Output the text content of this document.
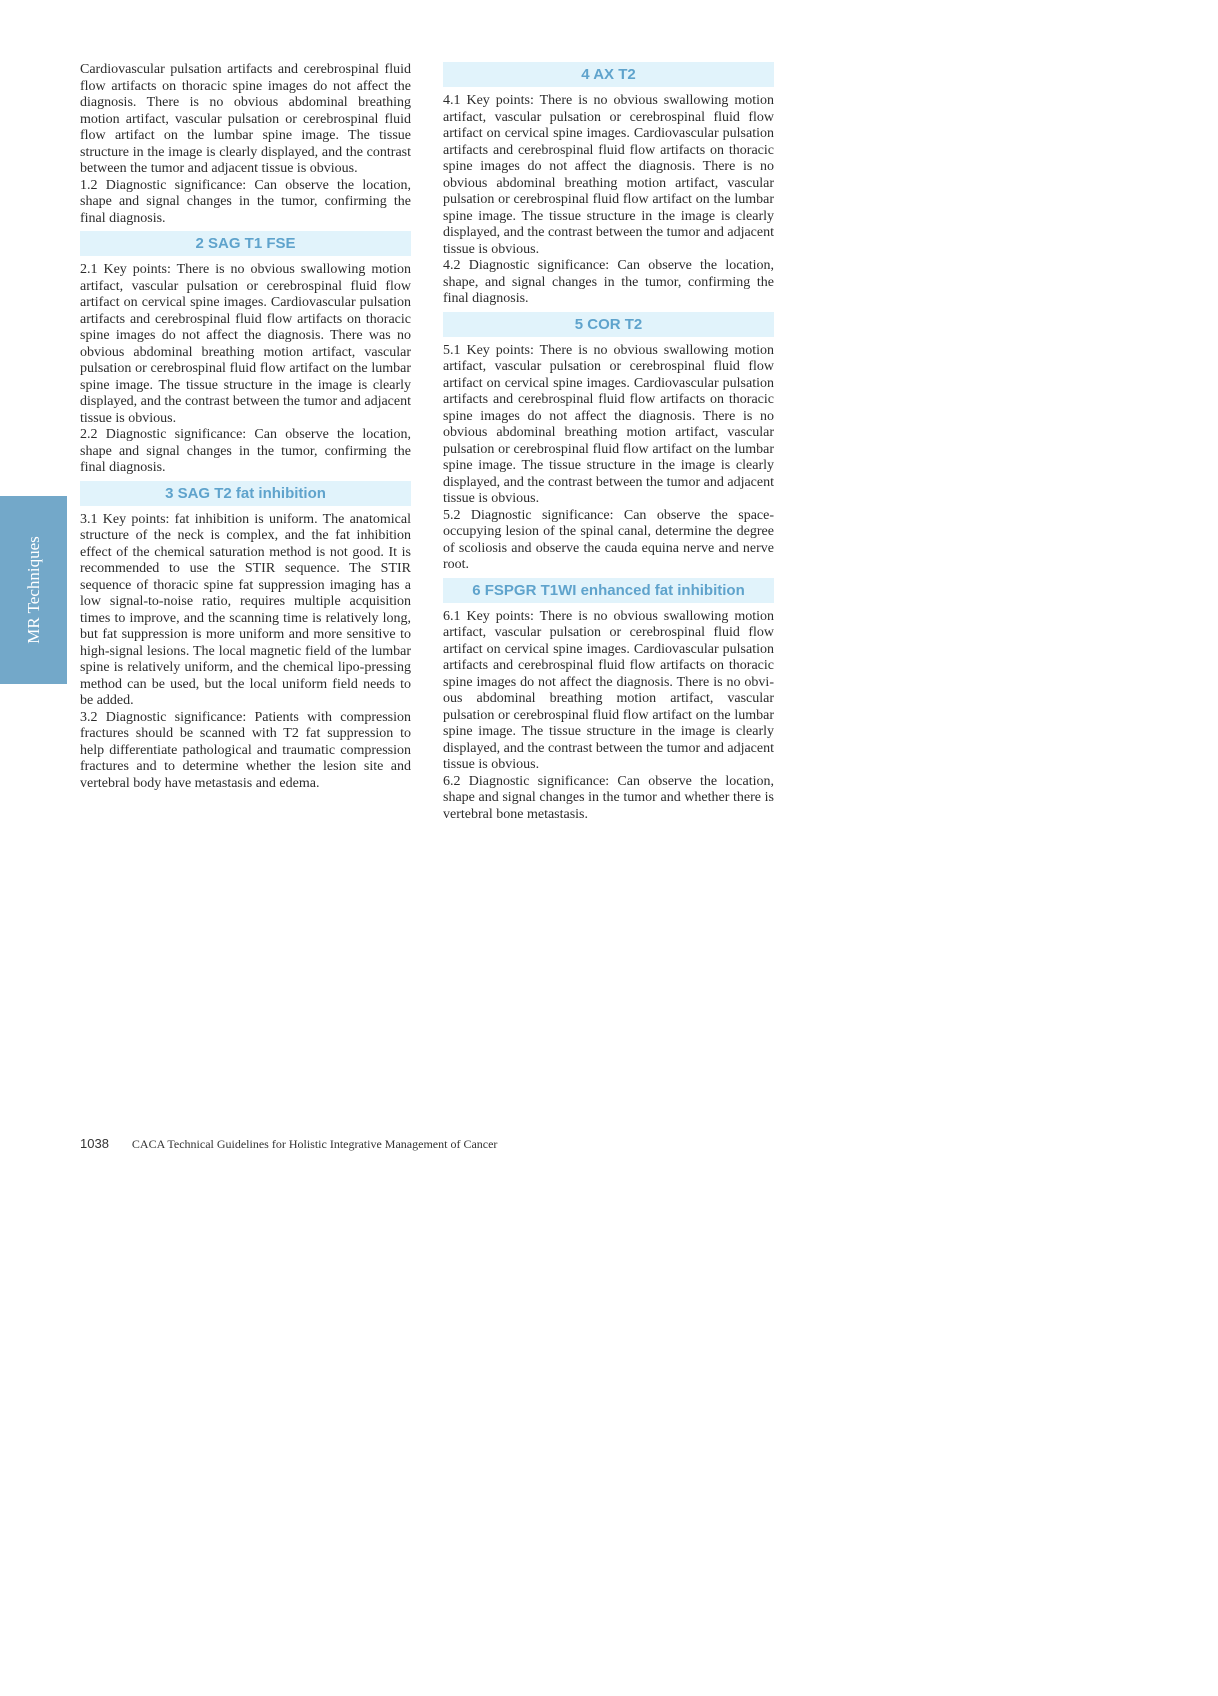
MR Techniques

Cardiovascular pulsation artifacts and cerebrospinal fluid flow artifacts on thoracic spine images do not affect the diagnosis. There is no obvious abdominal breathing motion artifact, vascular pulsation or cerebrospinal fluid flow artifact on the lumbar spine image. The tissue structure in the image is clearly displayed, and the contrast between the tumor and adjacent tissue is obvious.

1.2 Diagnostic significance: Can observe the location, shape and signal changes in the tumor, confirming the final diagnosis.

2 SAG T1 FSE

2.1 Key points: There is no obvious swallowing motion artifact, vascular pulsation or cerebrospinal fluid flow artifact on cervical spine images. Cardiovascular pulsation artifacts and cerebrospinal fluid flow artifacts on thoracic spine images do not affect the diagnosis. There was no obvious abdominal breathing motion artifact, vascular pulsation or cerebrospinal fluid flow artifact on the lumbar spine image. The tissue structure in the image is clearly displayed, and the contrast between the tumor and adjacent tissue is obvious.

2.2 Diagnostic significance: Can observe the location, shape and signal changes in the tumor, confirming the final diagnosis.

3 SAG T2 fat inhibition

3.1 Key points: fat inhibition is uniform. The anatomical structure of the neck is complex, and the fat inhibition effect of the chemical saturation method is not good. It is recommended to use the STIR sequence. The STIR sequence of thoracic spine fat suppression imaging has a low signal-to-noise ratio, requires multiple acquisition times to improve, and the scanning time is relatively long, but fat suppression is more uniform and more sensitive to high-signal lesions. The local magnetic field of the lumbar spine is relatively uniform, and the chemical lipo-pressing method can be used, but the local uniform field needs to be added.

3.2 Diagnostic significance: Patients with compression fractures should be scanned with T2 fat suppression to help differentiate pathological and traumatic compression fractures and to determine whether the lesion site and vertebral body have metastasis and edema.

4 AX T2

4.1 Key points: There is no obvious swallowing motion artifact, vascular pulsation or cerebrospinal fluid flow artifact on cervical spine images. Cardiovascular pulsation artifacts and cerebrospinal fluid flow artifacts on thoracic spine images do not affect the diagnosis. There is no obvious abdominal breathing motion artifact, vascular pulsation or cerebrospinal fluid flow artifact on the lumbar spine image. The tissue structure in the image is clearly displayed, and the contrast between the tumor and adjacent tissue is obvious.

4.2 Diagnostic significance: Can observe the location, shape, and signal changes in the tumor, confirming the final diagnosis.

5 COR T2

5.1 Key points: There is no obvious swallowing motion artifact, vascular pulsation or cerebrospinal fluid flow artifact on cervical spine images. Cardiovascular pulsation artifacts and cerebrospinal fluid flow artifacts on thoracic spine images do not affect the diagnosis. There is no obvious abdominal breathing motion artifact, vascular pulsation or cerebrospinal fluid flow artifact on the lumbar spine image. The tissue structure in the image is clearly displayed, and the contrast between the tumor and adjacent tissue is obvious.

5.2 Diagnostic significance: Can observe the space-occupying lesion of the spinal canal, determine the degree of scoliosis and observe the cauda equina nerve and nerve root.

6 FSPGR T1WI enhanced fat inhibition

6.1 Key points: There is no obvious swallowing motion artifact, vascular pulsation or cerebrospinal fluid flow artifact on cervical spine images. Cardiovascular pulsation artifacts and cerebrospinal fluid flow artifacts on thoracic spine images do not affect the diagnosis. There is no obvious abdominal breathing motion artifact, vascular pulsation or cerebrospinal fluid flow artifact on the lumbar spine image. The tissue structure in the image is clearly displayed, and the contrast between the tumor and adjacent tissue is obvious.

6.2 Diagnostic significance: Can observe the location, shape and signal changes in the tumor and whether there is vertebral bone metastasis.

1038 CACA Technical Guidelines for Holistic Integrative Management of Cancer
